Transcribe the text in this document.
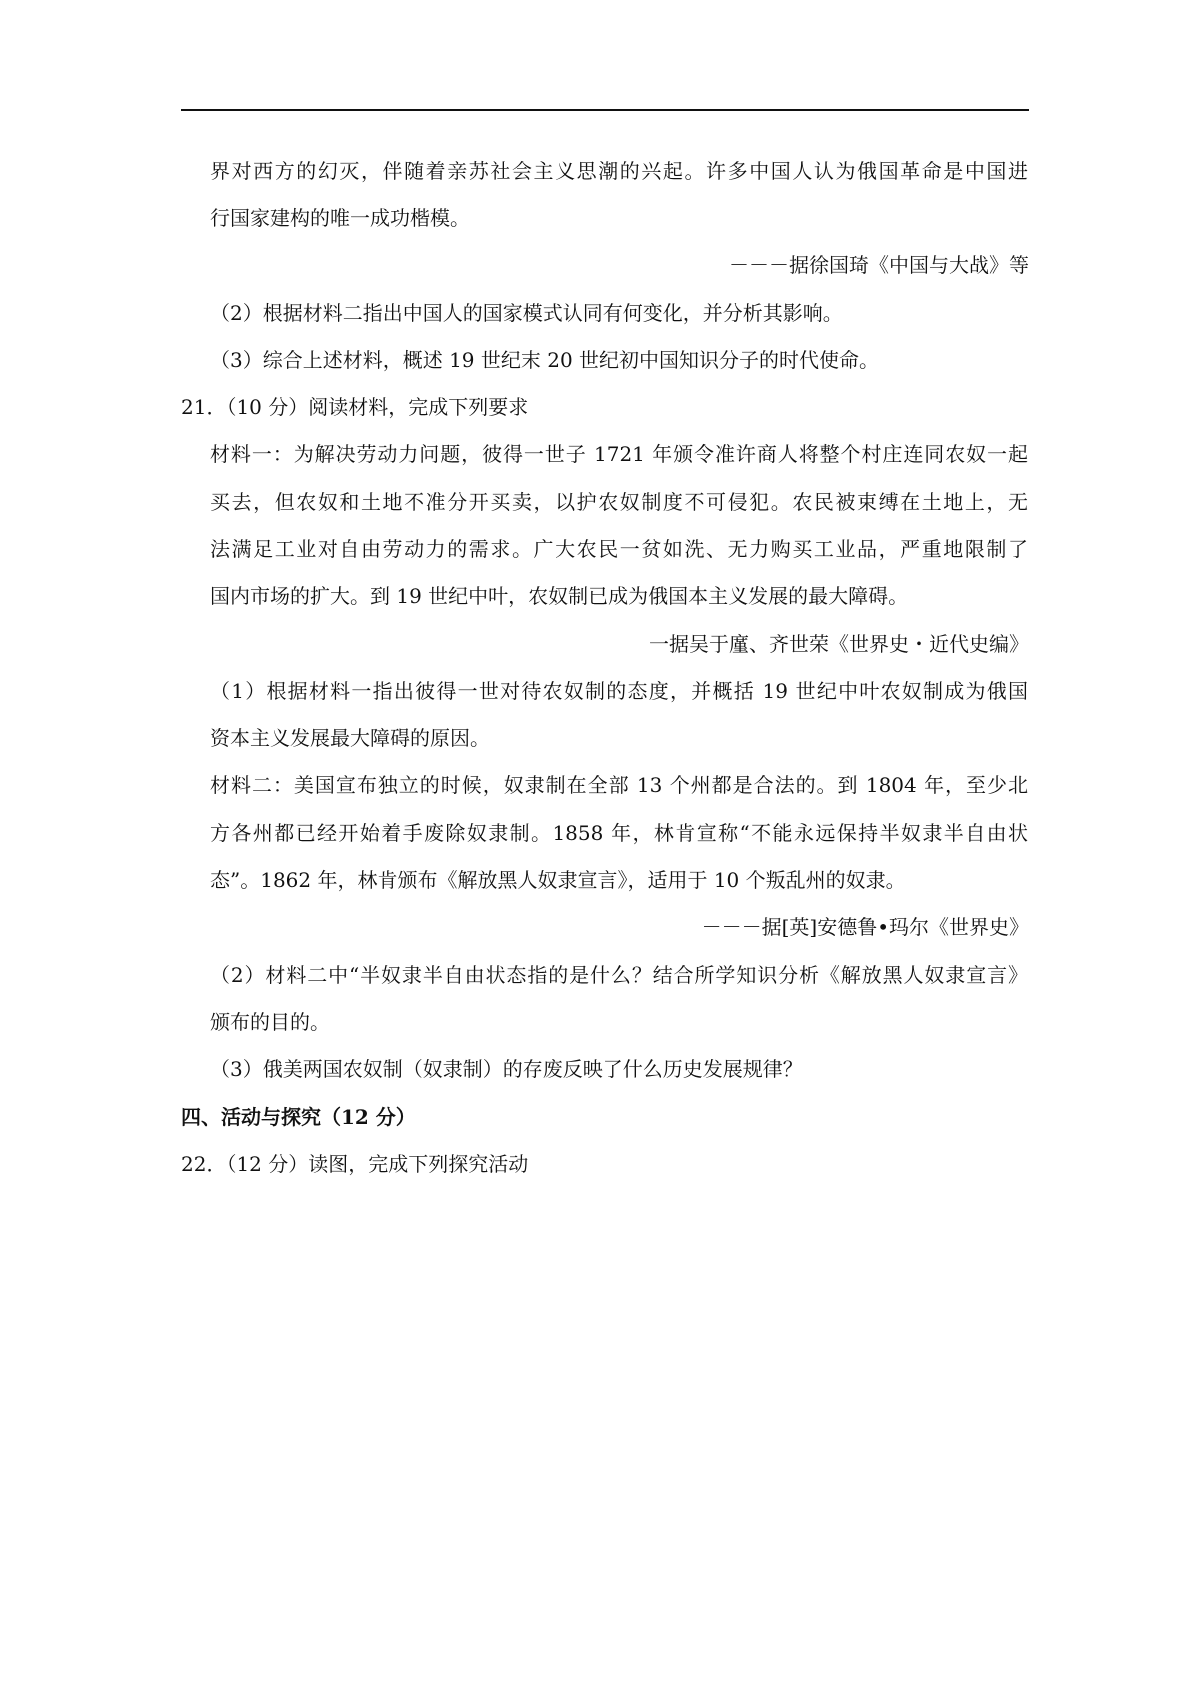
界对西方的幻灭，伴随着亲苏社会主义思潮的兴起。许多中国人认为俄国革命是中国进

行国家建构的唯一成功楷模。

－－－据徐国琦《中国与大战》等

（2）根据材料二指出中国人的国家模式认同有何变化，并分析其影响。

（3）综合上述材料，概述 19 世纪末 20 世纪初中国知识分子的时代使命。

21．（10 分）阅读材料，完成下列要求

材料一：为解决劳动力问题，彼得一世子 1721 年颁令准许商人将整个村庄连同农奴一起

买去，但农奴和土地不准分开买卖，以护农奴制度不可侵犯。农民被束缚在土地上，无

法满足工业对自由劳动力的需求。广大农民一贫如洗、无力购买工业品，严重地限制了

国内市场的扩大。到 19 世纪中叶，农奴制已成为俄国本主义发展的最大障碍。

一据吴于廑、齐世荣《世界史・近代史编》

（1）根据材料一指出彼得一世对待农奴制的态度，并概括 19 世纪中叶农奴制成为俄国

资本主义发展最大障碍的原因。

材料二：美国宣布独立的时候，奴隶制在全部 13 个州都是合法的。到 1804 年，至少北

方各州都已经开始着手废除奴隶制。1858 年，林肯宣称“不能永远保持半奴隶半自由状

态”。1862 年，林肯颁布《解放黑人奴隶宣言》，适用于 10 个叛乱州的奴隶。

－－－据[英]安德鲁•玛尔《世界史》

（2）材料二中“半奴隶半自由状态指的是什么？结合所学知识分析《解放黑人奴隶宣言》

颁布的目的。

（3）俄美两国农奴制（奴隶制）的存废反映了什么历史发展规律？

四、活动与探究（12 分）

22．（12 分）读图，完成下列探究活动
